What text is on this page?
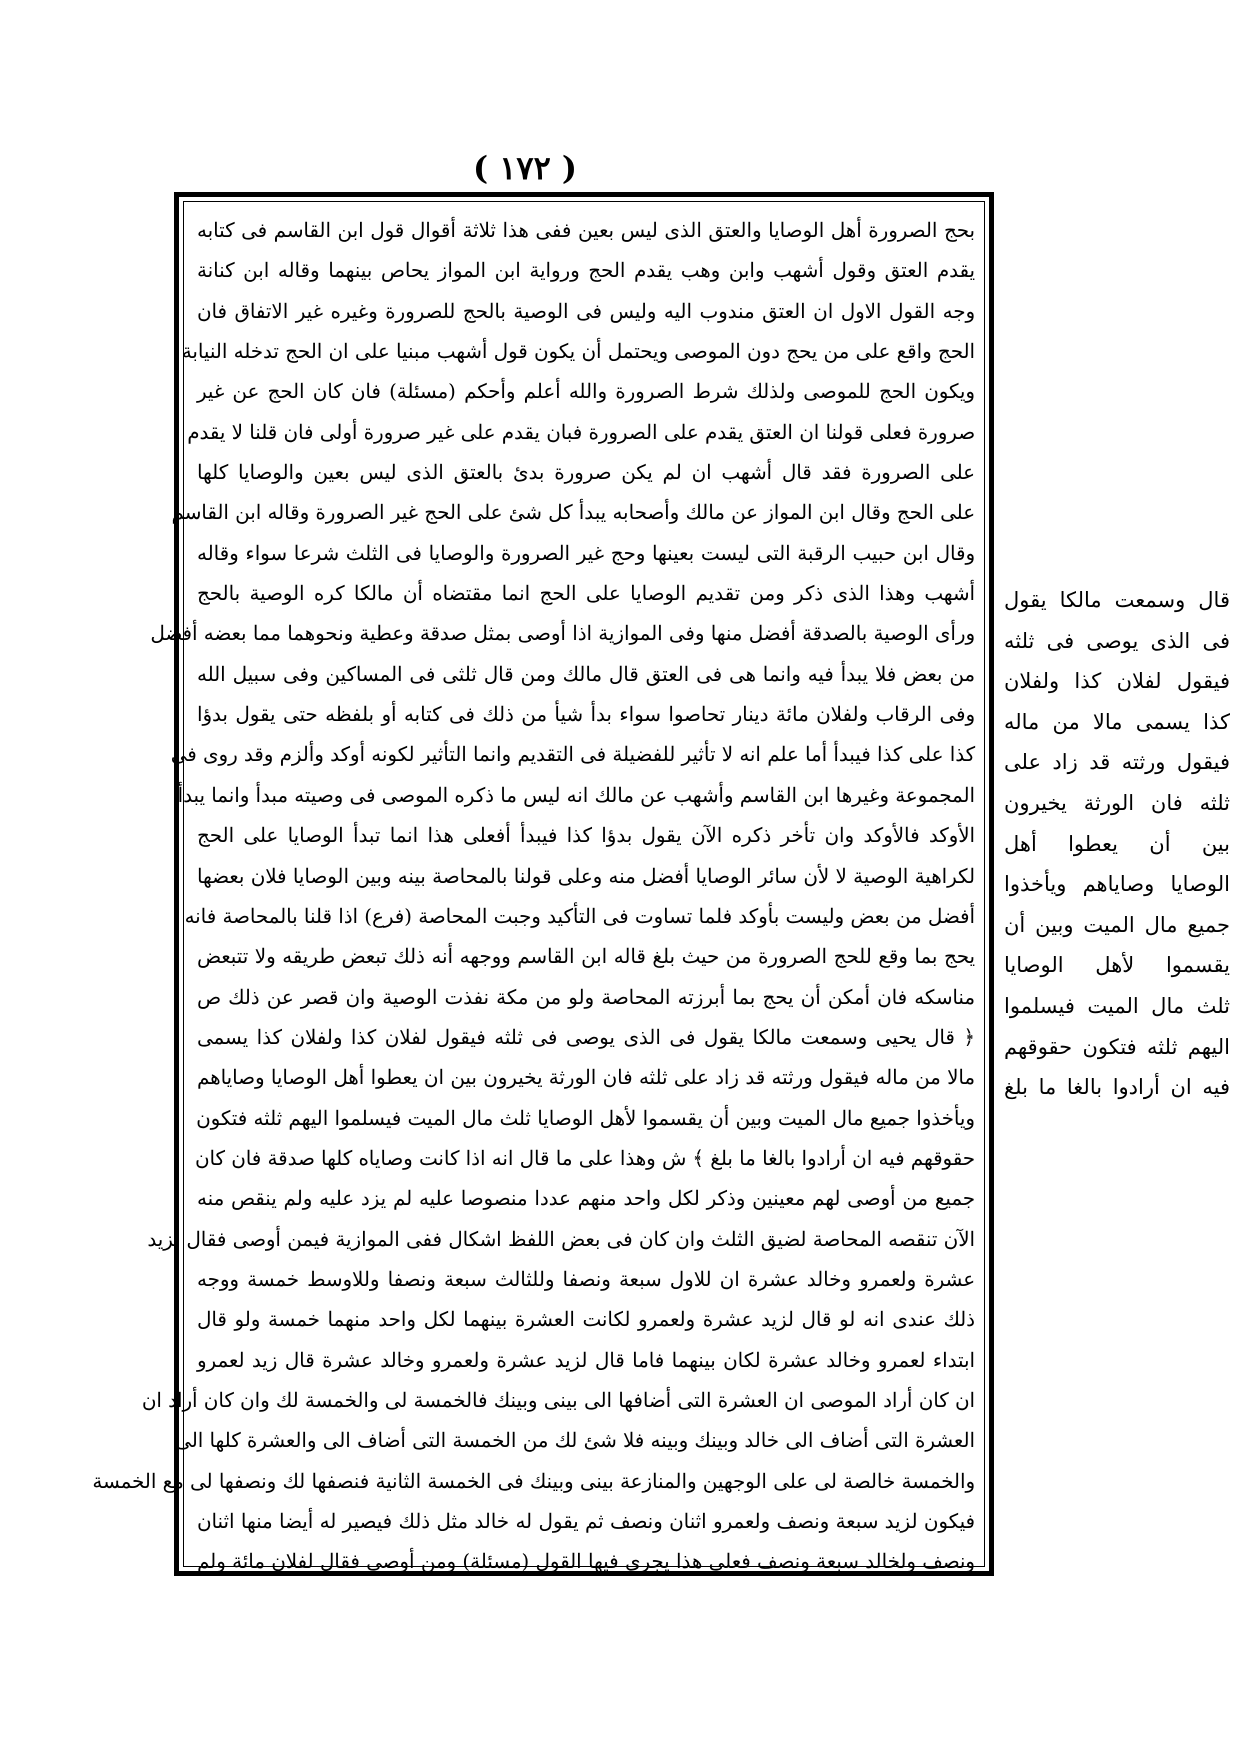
( ١٧٢ )
بحج الصرورة أهل الوصايا والعتق الذى ليس بعين ففى هذا ثلاثة أقوال قول ابن القاسم فى كتابه
يقدم العتق وقول أشهب وابن وهب يقدم الحج ورواية ابن المواز يحاص بينهما وقاله ابن كنانة
وجه القول الاول ان العتق مندوب اليه وليس فى الوصية بالحج للصرورة وغيره غير الاتفاق فان
الحج واقع على من يحج دون الموصى ويحتمل أن يكون قول أشهب مبنيا على ان الحج تدخله النيابة
ويكون الحج للموصى ولذلك شرط الصرورة والله أعلم وأحكم (مسئلة) فان كان الحج عن غير
صرورة فعلى قولنا ان العتق يقدم على الصرورة فبان يقدم على غير صرورة أولى فان قلنا لا يقدم
على الصرورة فقد قال أشهب ان لم يكن صرورة بدئ بالعتق الذى ليس بعين والوصايا كلها
على الحج وقال ابن المواز عن مالك وأصحابه يبدأ كل شئ على الحج غير الصرورة وقاله ابن القاسم
وقال ابن حبيب الرقبة التى ليست بعينها وحج غير الصرورة والوصايا فى الثلث شرعا سواء وقاله
أشهب وهذا الذى ذكر ومن تقديم الوصايا على الحج انما مقتضاه أن مالكا كره الوصية بالحج
ورأى الوصية بالصدقة أفضل منها وفى الموازية اذا أوصى بمثل صدقة وعطية ونحوهما مما بعضه أفضل
من بعض فلا يبدأ فيه وانما هى فى العتق قال مالك ومن قال ثلثى فى المساكين وفى سبيل الله
وفى الرقاب ولفلان مائة دينار تحاصوا سواء بدأ شيأ من ذلك فى كتابه أو بلفظه حتى يقول بدؤا
كذا على كذا فيبدأ أما علم انه لا تأثير للفضيلة فى التقديم وانما التأثير لكونه أوكد وألزم وقد روى فى
المجموعة وغيرها ابن القاسم وأشهب عن مالك انه ليس ما ذكره الموصى فى وصيته مبدأ وانما يبدأ
الأوكد فالأوكد وان تأخر ذكره الآن يقول بدؤا كذا فيبدأ أفعلى هذا انما تبدأ الوصايا على الحج
لكراهية الوصية لا لأن سائر الوصايا أفضل منه وعلى قولنا بالمحاصة بينه وبين الوصايا فلان بعضها
أفضل من بعض وليست بأوكد فلما تساوت فى التأكيد وجبت المحاصة (فرع) اذا قلنا بالمحاصة فانه
يحج بما وقع للحج الصرورة من حيث بلغ قاله ابن القاسم ووجهه أنه ذلك تبعض طريقه ولا تتبعض
مناسكه فان أمكن أن يحج بما أبرزته المحاصة ولو من مكة نفذت الوصية وان قصر عن ذلك ص
﴿ قال يحيى وسمعت مالكا يقول فى الذى يوصى فى ثلثه فيقول لفلان كذا ولفلان كذا يسمى
مالا من ماله فيقول ورثته قد زاد على ثلثه فان الورثة يخيرون بين ان يعطوا أهل الوصايا وصاياهم
ويأخذوا جميع مال الميت وبين أن يقسموا لأهل الوصايا ثلث مال الميت فيسلموا اليهم ثلثه فتكون
حقوقهم فيه ان أرادوا بالغا ما بلغ ﴾ ش وهذا على ما قال انه اذا كانت وصاياه كلها صدقة فان كان
جميع من أوصى لهم معينين وذكر لكل واحد منهم عددا منصوصا عليه لم يزد عليه ولم ينقص منه
الآن تنقصه المحاصة لضيق الثلث وان كان فى بعض اللفظ اشكال ففى الموازية فيمن أوصى فقال لزيد
عشرة ولعمرو وخالد عشرة ان للاول سبعة ونصفا وللثالث سبعة ونصفا وللاوسط خمسة ووجه
ذلك عندى انه لو قال لزيد عشرة ولعمرو لكانت العشرة بينهما لكل واحد منهما خمسة ولو قال
ابتداء لعمرو وخالد عشرة لكان بينهما فاما قال لزيد عشرة ولعمرو وخالد عشرة قال زيد لعمرو
ان كان أراد الموصى ان العشرة التى أضافها الى بينى وبينك فالخمسة لى والخمسة لك وان كان أراد ان
العشرة التى أضاف الى خالد وبينك وبينه فلا شئ لك من الخمسة التى أضاف الى والعشرة كلها الى
والخمسة خالصة لى على الوجهين والمنازعة بينى وبينك فى الخمسة الثانية فنصفها لك ونصفها لى مع الخمسة
فيكون لزيد سبعة ونصف ولعمرو اثنان ونصف ثم يقول له خالد مثل ذلك فيصير له أيضا منها اثنان
ونصف ولخالد سبعة ونصف فعلى هذا يجرى فيها القول (مسئلة) ومن أوصى فقال لفلان مائة ولم
قال وسمعت مالكا يقول
فى الذى يوصى فى ثلثه
فيقول لفلان كذا ولفلان
كذا يسمى مالا من ماله
فيقول ورثته قد زاد على
ثلثه فان الورثة يخيرون
بين أن يعطوا أهل
الوصايا وصاياهم ويأخذوا
جميع مال الميت وبين أن
يقسموا لأهل الوصايا
ثلث مال الميت فيسلموا
اليهم ثلثه فتكون حقوقهم
فيه ان أرادوا بالغا ما بلغ
